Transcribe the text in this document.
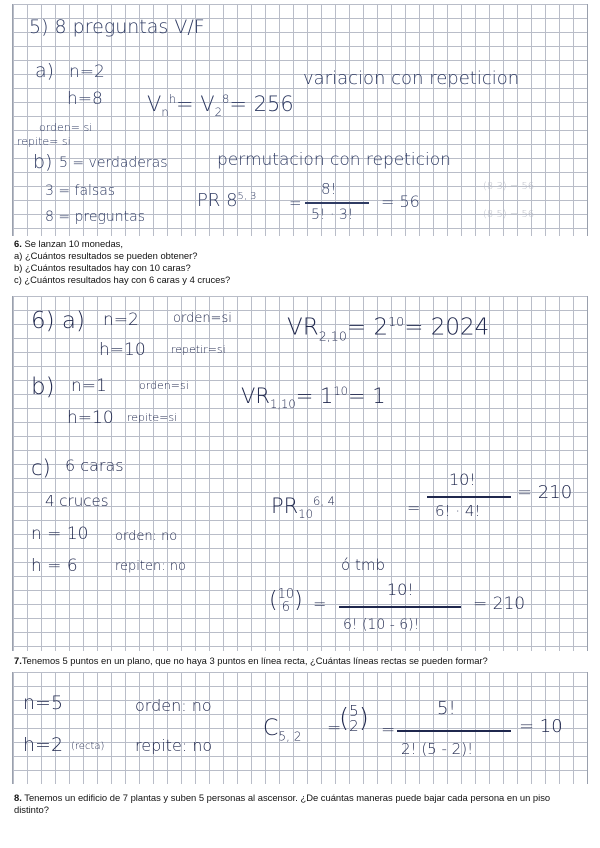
5) 8 preguntas V/F
a) n=2	variacion con repeticion
h=8 $V_n^h= V_2^8= 256$
orden= si
repite= si
b) 5 = verdaderas	permutacion con repeticion
3 = falsas
8 = preguntas
PR $8^{5, 3}$ =
8!
5! · 3!
= 56
(8 3) = 56
(8 5) = 56
6. Se lanzan 10 monedas,
a) ¿Cuántos resultados se pueden obtener?
b) ¿Cuántos resultados hay con 10 caras?
c) ¿Cuántos resultados hay con 6 caras y 4 cruces?
6) a) n=2	orden=si
h=10 repetir=si
$VR_{2,10}= 2^{10}= 2024$
b) n=1	orden=si
h=10 repite=si
$VR_{1,10}= 1^{10}= 1$
c) 6 caras
4 cruces
n = 10 orden: no
h = 6	repiten: no
$PR_{10}^{6, 4}$	=
10!
6! · 4!
= 210
ó tmb
( 10
6 ) =
10!
6! (10 - 6)!
= 210
7.Tenemos 5 puntos en un plano, que no haya 3 puntos en línea recta, ¿Cuántas líneas rectas se pueden formar?
n=5	orden: no
h=2 (recta) repite: no
$C_{5, 2}$ =
( 5
2 ) =
5!
2! (5 - 2)!
= 10
8. Tenemos un edificio de 7 plantas y suben 5 personas al ascensor. ¿De cuántas maneras puede bajar cada persona en un piso distinto?
